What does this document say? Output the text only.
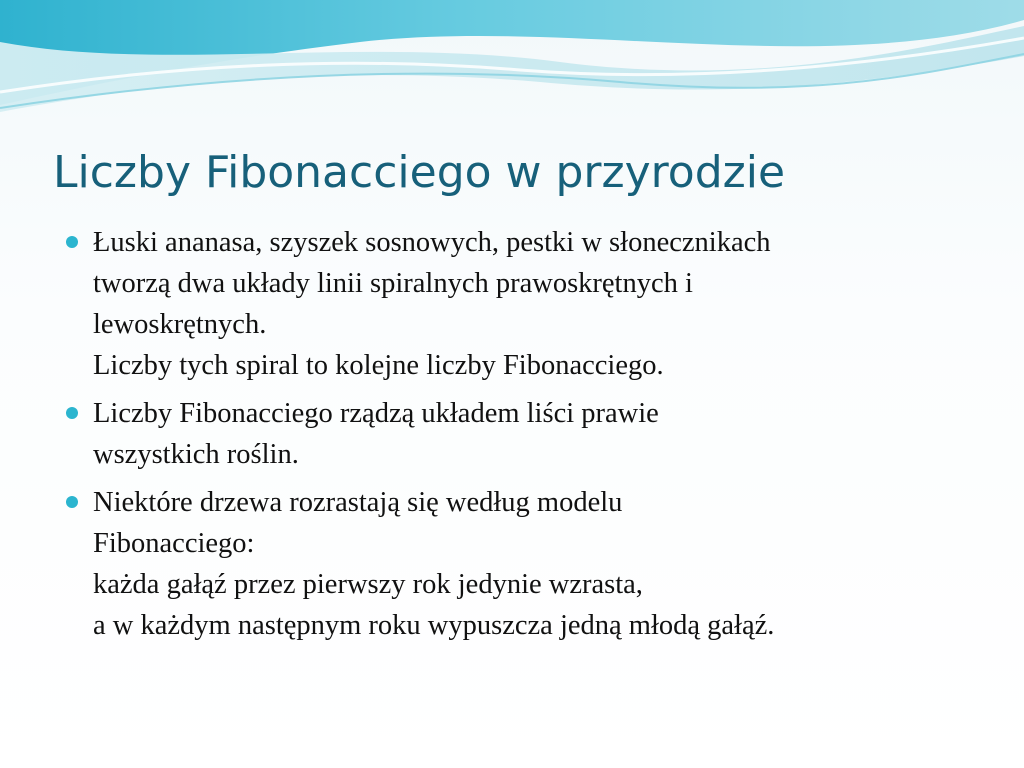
Liczby Fibonacciego w przyrodzie
Łuski ananasa, szyszek sosnowych, pestki w słonecznikach
tworzą dwa układy linii spiralnych prawoskrętnych i
lewoskrętnych.
Liczby tych spiral to kolejne liczby Fibonacciego.
Liczby Fibonacciego rządzą układem liści prawie
wszystkich roślin.
Niektóre drzewa rozrastają się według modelu
Fibonacciego:
każda gałąź przez pierwszy rok jedynie wzrasta,
a w każdym następnym roku wypuszcza jedną młodą gałąź.
